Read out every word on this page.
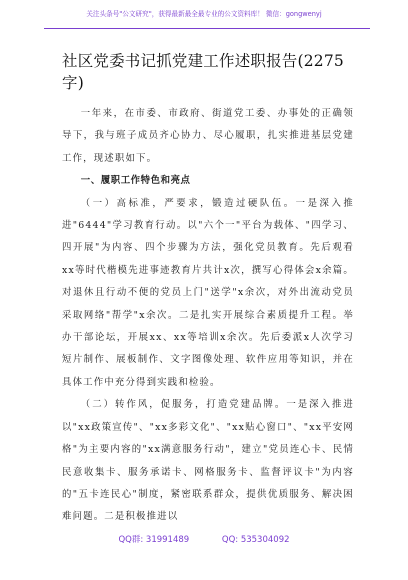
关注头条号"公文研究"，获得最新最全最专业的公文资料库！ 微信：gongwenyj
社区党委书记抓党建工作述职报告(2275字)

一年来，在市委、市政府、街道党工委、办事处的正确领导下，我与班子成员齐心协力、尽心履职，扎实推进基层党建工作，现述职如下。

一、履职工作特色和亮点

（一）高标准，严要求，锻造过硬队伍。一是深入推进"6444"学习教育行动。以"六个一"平台为载体、"四学习、四开展"为内容、四个步骤为方法，强化党员教育。先后观看xx等时代楷模先进事迹教育片共计x次，撰写心得体会x余篇。对退休且行动不便的党员上门"送学"x余次，对外出流动党员采取网络"帮学"x余次。二是扎实开展综合素质提升工程。举办干部论坛，开展xx、xx等培训x余次。先后委派x人次学习短片制作、展板制作、文字图像处理、软件应用等知识，并在具体工作中充分得到实践和检验。

（二）转作风，促服务，打造党建品牌。一是深入推进以"xx政策宣传"、"xx多彩文化"、"xx贴心窗口"、"xx平安网格"为主要内容的"xx满意服务行动"，建立"党员连心卡、民情民意收集卡、服务承诺卡、网格服务卡、监督评议卡"为内容的"五卡连民心"制度，紧密联系群众，提供优质服务、解决困难问题。二是积极推进以

QQ群: 31991489	QQ: 535304092
